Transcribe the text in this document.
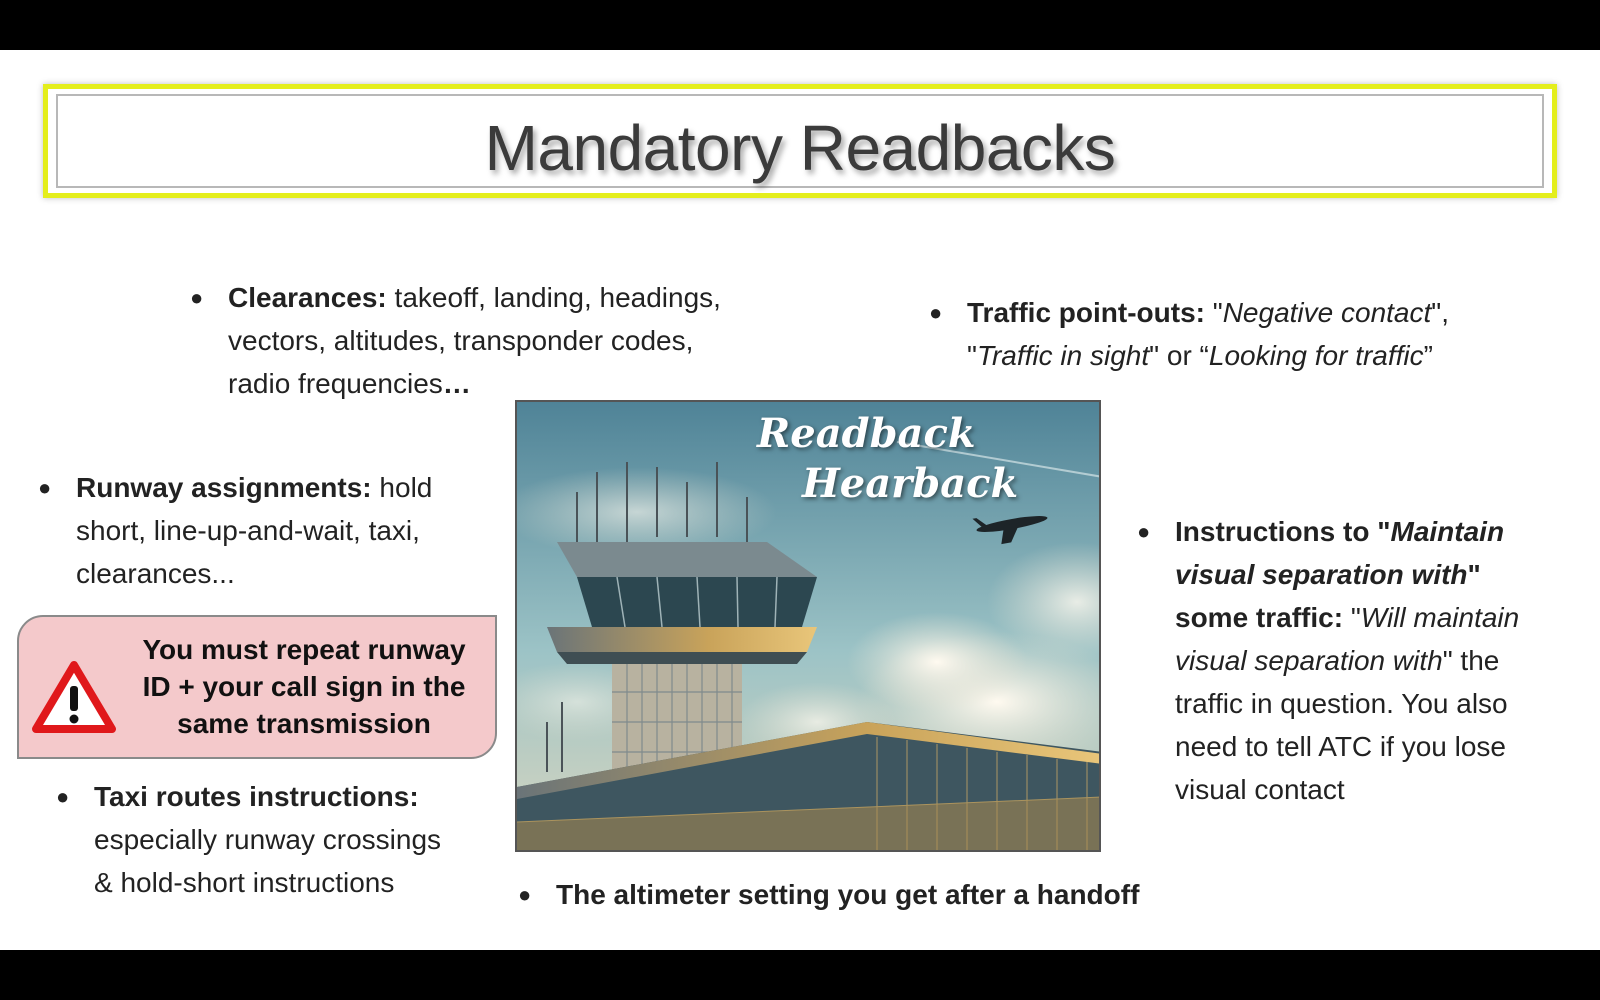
Mandatory Readbacks
● Clearances: takeoff, landing, headings,
vectors, altitudes, transponder codes,
radio frequencies…
● Traffic point-outs: "Negative contact",
"Traffic in sight" or “Looking for traffic”
● Runway assignments: hold
short, line-up-and-wait, taxi,
clearances...
You must repeat runway
ID + your call sign in the
same transmission
● Taxi routes instructions:
especially runway crossings
& hold-short instructions	● The altimeter setting you get after a handoff
● Instructions to "Maintain
visual separation with"
some traffic: "Will maintain
visual separation with" the
traffic in question. You also
need to tell ATC if you lose
visual contact
Readback
Hearback
